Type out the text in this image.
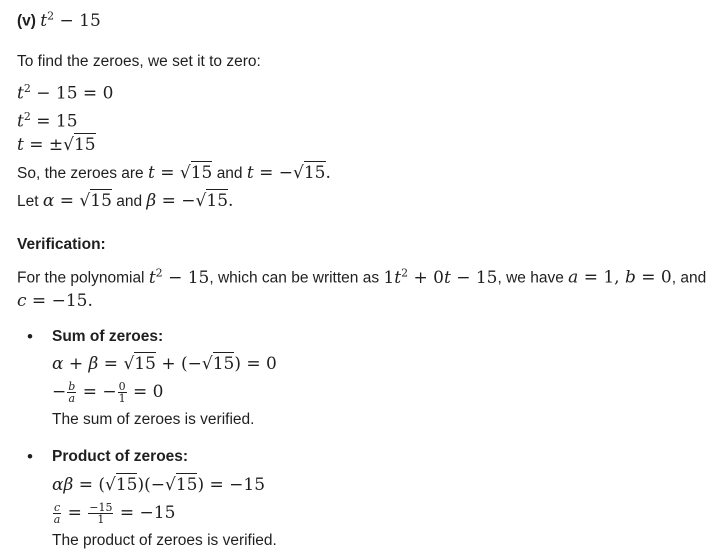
(v) $t^2 - 15$
To find the zeroes, we set it to zero:
$t^2 - 15 = 0$
$t^2 = 15$
t = ±√15
So, the zeroes are t = √15 and t = −√15.
Let α = √15 and β = −√15.
Verification:
For the polynomial $t^2 - 15$, which can be written as $1t^2 + 0t - 15$, we have a = 1, b = 0, and
c = −15.
• Sum of zeroes:
α + β = √15 + (−√15) = 0
− $\frac{b}{a}$ = − $\frac{0}{1} = 0$
The sum of zeroes is verified.
• Product of zeroes:
αβ = (√15)(−√15) = −15
$\frac{c}{a} = \frac{-15}{1} = -15$
The product of zeroes is verified.
